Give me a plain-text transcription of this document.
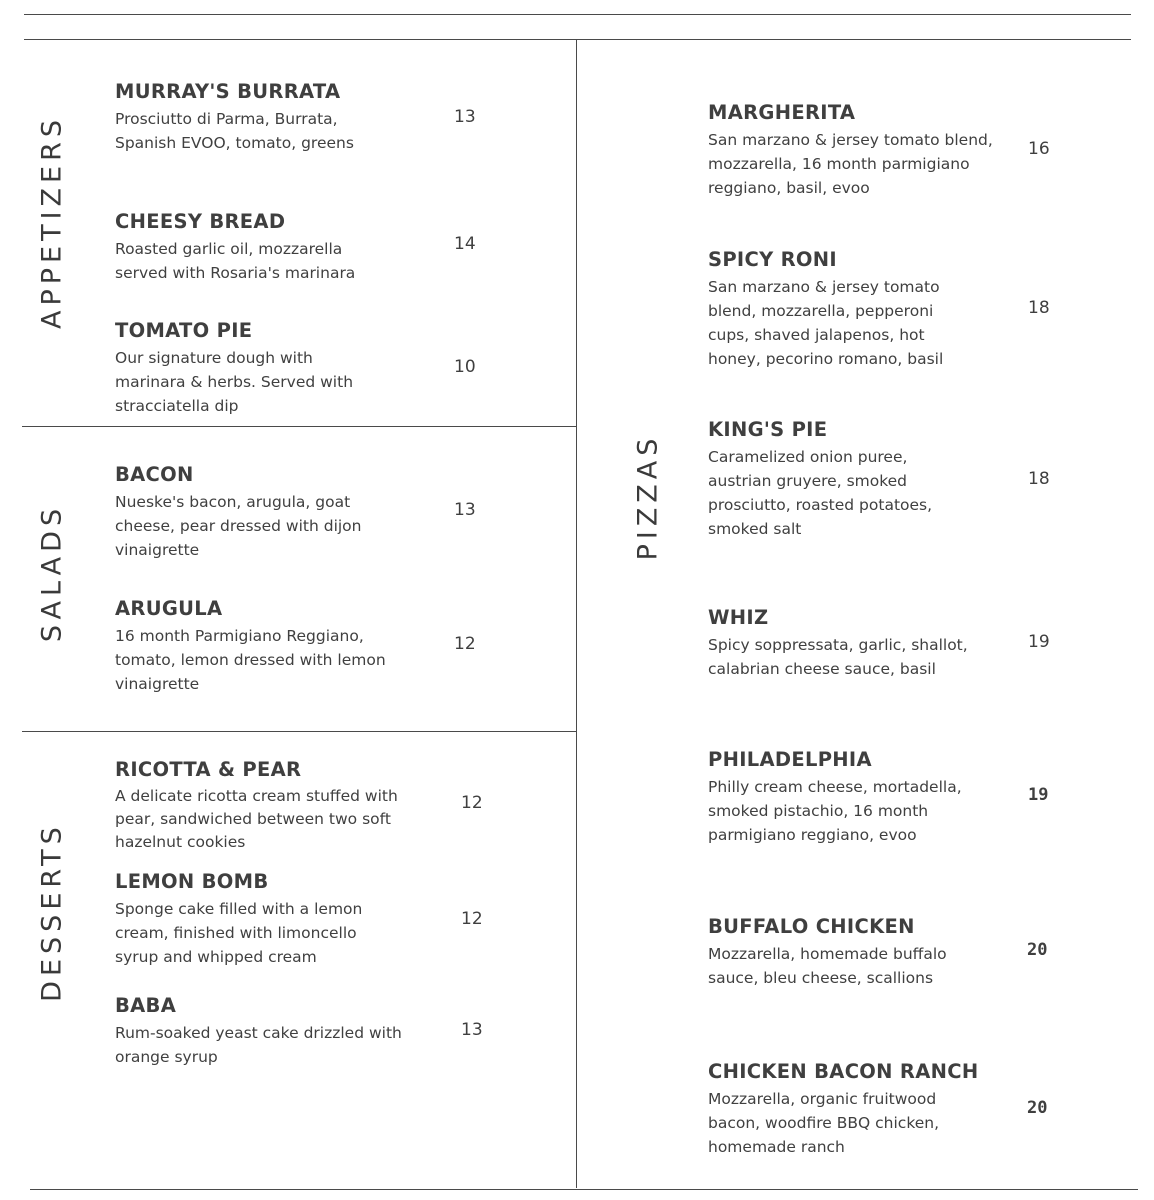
APPETIZERS
SALADS
DESSERTS
PIZZAS
MURRAY'S BURRATA
Prosciutto di Parma, Burrata, Spanish EVOO, tomato, greens
13
CHEESY BREAD
Roasted garlic oil, mozzarella served with Rosaria's marinara
14
TOMATO PIE
Our signature dough with marinara & herbs. Served with stracciatella dip
10
BACON
Nueske's bacon, arugula, goat cheese, pear dressed with dijon vinaigrette
13
ARUGULA
16 month Parmigiano Reggiano, tomato, lemon dressed with lemon vinaigrette
12
RICOTTA & PEAR
A delicate ricotta cream stuffed with pear, sandwiched between two soft hazelnut cookies
12
LEMON BOMB
Sponge cake filled with a lemon cream, finished with limoncello syrup and whipped cream
12
BABA
Rum-soaked yeast cake drizzled with orange syrup
13
MARGHERITA
San marzano & jersey tomato blend, mozzarella, 16 month parmigiano reggiano, basil, evoo
16
SPICY RONI
San marzano & jersey tomato blend, mozzarella, pepperoni cups, shaved jalapenos, hot honey, pecorino romano, basil
18
KING'S PIE
Caramelized onion puree, austrian gruyere, smoked prosciutto, roasted potatoes, smoked salt
18
WHIZ
Spicy soppressata, garlic, shallot, calabrian cheese sauce, basil
19
PHILADELPHIA
Philly cream cheese, mortadella, smoked pistachio, 16 month parmigiano reggiano, evoo
19
BUFFALO CHICKEN
Mozzarella, homemade buffalo sauce, bleu cheese, scallions
20
CHICKEN BACON RANCH
Mozzarella, organic fruitwood bacon, woodfire BBQ chicken, homemade ranch
20
